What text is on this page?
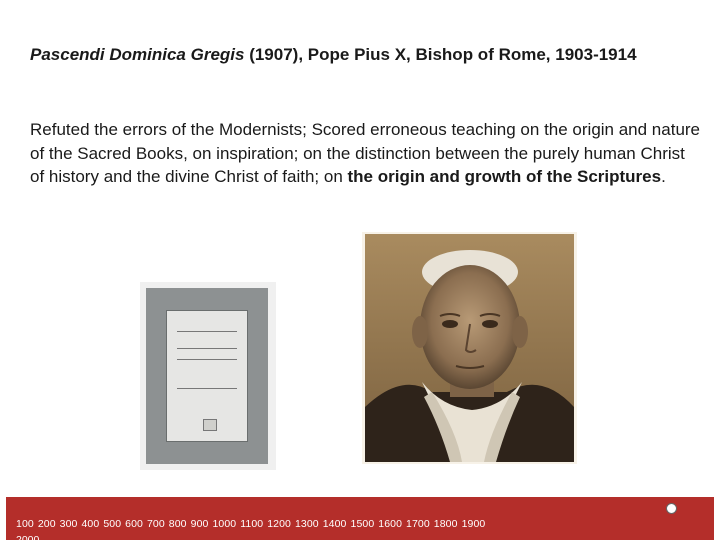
Pascendi Dominica Gregis (1907), Pope Pius X, Bishop of Rome, 1903-1914
Refuted the errors of the Modernists; Scored erroneous teaching on the origin and nature of the Sacred Books, on inspiration; on the distinction between the purely human Christ of history and the divine Christ of faith; on the origin and growth of the Scriptures.

100 200 300 400 500 600 700 800 900 1000 1100 1200 1300 1400 1500 1600 1700 1800 1900
2000
